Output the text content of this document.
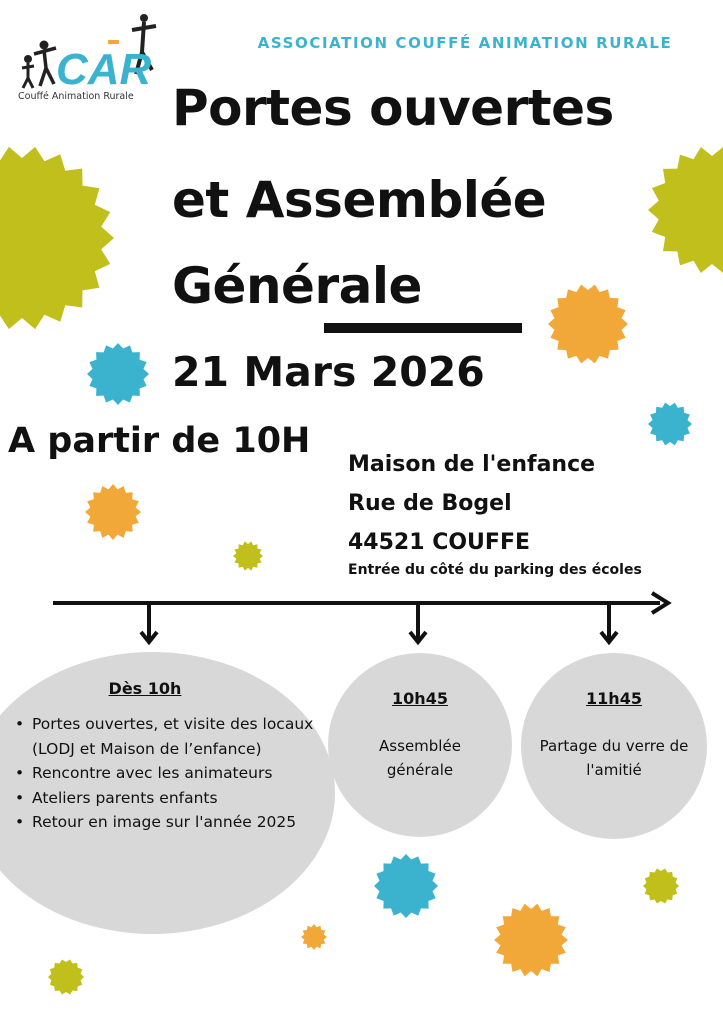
CAR
Couffé Animation Rurale
ASSOCIATION COUFFÉ ANIMATION RURALE
Portes ouvertes
et Assemblée
Générale
21 Mars 2026
A partir de 10H
Maison de l'enfance
Rue de Bogel
44521 COUFFE
Entrée du côté du parking des écoles
Dès 10h
• Portes ouvertes, et visite des locaux (LODJ et Maison de l’enfance)
• Rencontre avec les animateurs
• Ateliers parents enfants
• Retour en image sur l'année 2025
10h45
Assemblée générale
11h45
Partage du verre de l'amitié
